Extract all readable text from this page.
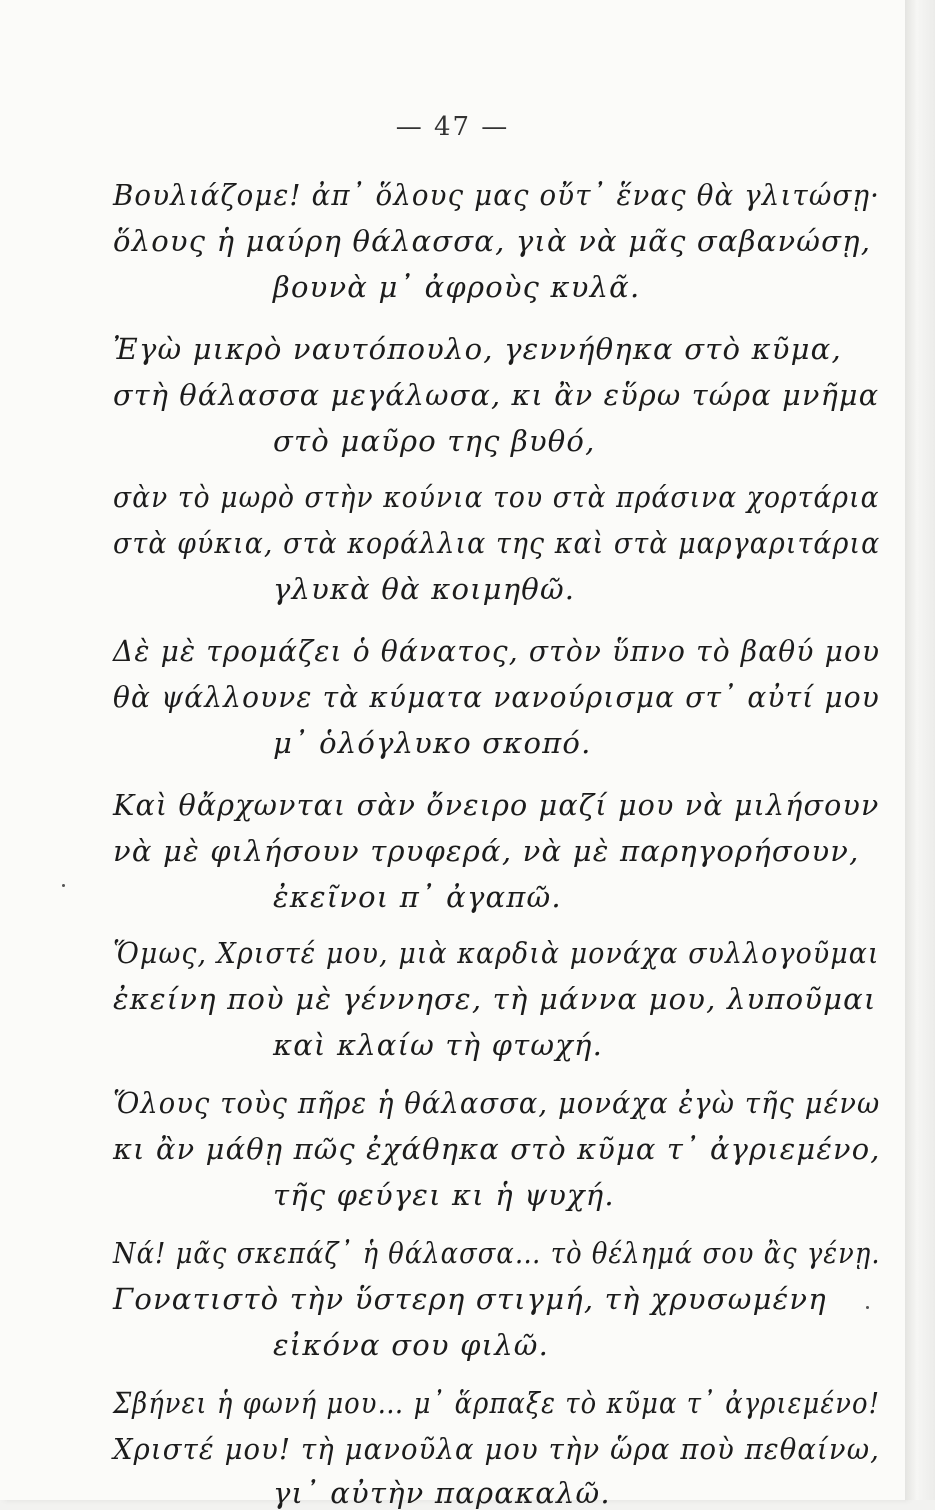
— 47 —
Βουλιάζομε! ἀπ᾽ ὅλους μας οὔτ᾽ ἕνας θὰ γλιτώσῃ·
ὅλους ἡ μαύρη θάλασσα, γιὰ νὰ μᾶς σαβανώσῃ,
βουνὰ μ᾽ ἀφροὺς κυλᾶ.
Ἐγὼ μικρὸ ναυτόπουλο, γεννήθηκα στὸ κῦμα,
στὴ θάλασσα μεγάλωσα, κι ἂν εὕρω τώρα μνῆμα
στὸ μαῦρο της βυθό,
σὰν τὸ μωρὸ στὴν κούνια του στὰ πράσινα χορτάρια
στὰ φύκια, στὰ κοράλλια της καὶ στὰ μαργαριτάρια
γλυκὰ θὰ κοιμηθῶ.
Δὲ μὲ τρομάζει ὁ θάνατος, στὸν ὕπνο τὸ βαθύ μου
θὰ ψάλλουνε τὰ κύματα νανούρισμα στ᾽ αὐτί μου
μ᾽ ὁλόγλυκο σκοπό.
Καὶ θἄρχωνται σὰν ὄνειρο μαζί μου νὰ μιλήσουν
νὰ μὲ φιλήσουν τρυφερά, νὰ μὲ παρηγορήσουν,
ἐκεῖνοι π᾽ ἀγαπῶ.
Ὅμως, Χριστέ μου, μιὰ καρδιὰ μονάχα συλλογοῦμαι
ἐκείνη ποὺ μὲ γέννησε, τὴ μάννα μου, λυποῦμαι
καὶ κλαίω τὴ φτωχή.
Ὅλους τοὺς πῆρε ἡ θάλασσα, μονάχα ἐγὼ τῆς μένω
κι ἂν μάθῃ πῶς ἐχάθηκα στὸ κῦμα τ᾽ ἀγριεμένο,
τῆς φεύγει κι ἡ ψυχή.
Νά! μᾶς σκεπάζ᾽ ἡ θάλασσα… τὸ θέλημά σου ἂς γένῃ.
Γονατιστὸ τὴν ὕστερη στιγμή, τὴ χρυσωμένη
εἰκόνα σου φιλῶ.
Σβήνει ἡ φωνή μου… μ᾽ ἅρπαξε τὸ κῦμα τ᾽ ἀγριεμένο!
Χριστέ μου! τὴ μανοῦλα μου τὴν ὥρα ποὺ πεθαίνω,
γι᾽ αὐτὴν παρακαλῶ.
